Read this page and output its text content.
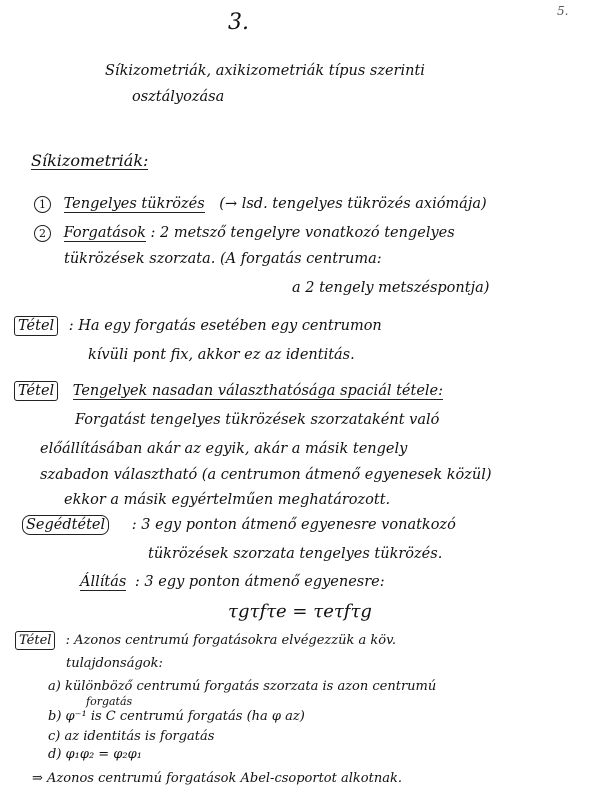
5.
3.
Síkizometriák, axikizometriák típus szerinti
osztályozása
Síkizometriák:
1 Tengelyes tükrözés (→ lsd. tengelyes tükrözés axiómája)
2 Forgatások : 2 metsző tengelyre vonatkozó tengelyes
tükrözések szorzata. (A forgatás centruma:
a 2 tengely metszéspontja)
Tétel : Ha egy forgatás esetében egy centrumon
kívüli pont fix, akkor ez az identitás.
Tétel Tengelyek nasadan választhatósága spaciál tétele:
Forgatást tengelyes tükrözések szorzataként való
előállításában akár az egyik, akár a másik tengely
szabadon választható (a centrumon átmenő egyenesek közül)
ekkor a másik egyértelműen meghatározott.
Segédtétel : 3 egy ponton átmenő egyenesre vonatkozó
tükrözések szorzata tengelyes tükrözés.
Állítás : 3 egy ponton átmenő egyenesre:
τgτfτe = τeτfτg
Tétel : Azonos centrumú forgatásokra elvégezzük a köv.
tulajdonságok:
a) különböző centrumú forgatás szorzata is azon centrumú
forgatás
b) φ⁻¹ is C centrumú forgatás (ha φ az)
c) az identitás is forgatás
d) φ₁φ₂ = φ₂φ₁
⇒ Azonos centrumú forgatások Abel-csoportot alkotnak.
